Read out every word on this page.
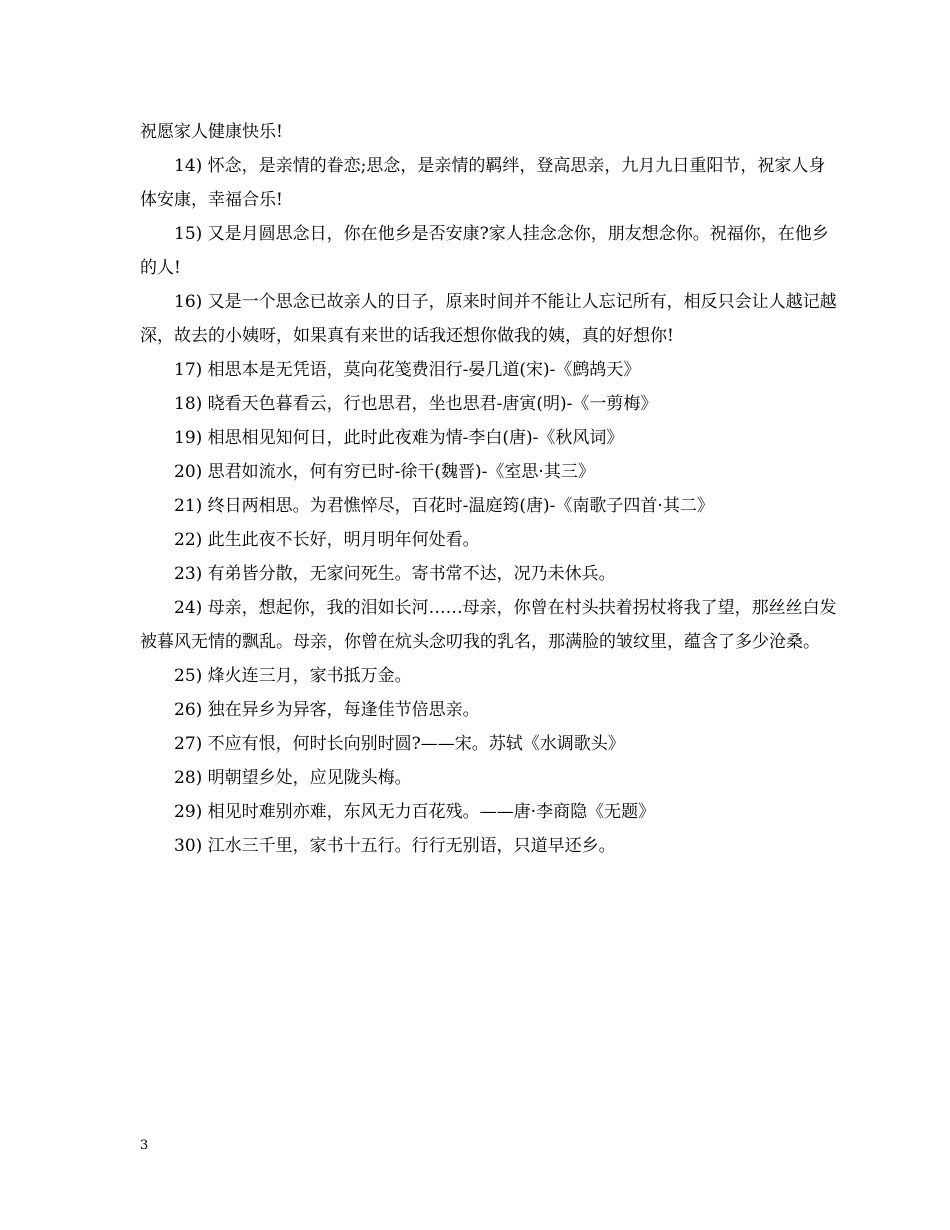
祝愿家人健康快乐!

14) 怀念，是亲情的眷恋;思念，是亲情的羁绊，登高思亲，九月九日重阳节，祝家人身体安康，幸福合乐!

15) 又是月圆思念日，你在他乡是否安康?家人挂念念你，朋友想念你。祝福你，在他乡的人!

16) 又是一个思念已故亲人的日子，原来时间并不能让人忘记所有，相反只会让人越记越深，故去的小姨呀，如果真有来世的话我还想你做我的姨，真的好想你!

17) 相思本是无凭语，莫向花笺费泪行-晏几道(宋)-《鹧鸪天》

18) 晓看天色暮看云，行也思君，坐也思君-唐寅(明)-《一剪梅》

19) 相思相见知何日，此时此夜难为情-李白(唐)-《秋风词》

20) 思君如流水，何有穷已时-徐干(魏晋)-《室思·其三》

21) 终日两相思。为君憔悴尽，百花时-温庭筠(唐)-《南歌子四首·其二》

22) 此生此夜不长好，明月明年何处看。

23) 有弟皆分散，无家问死生。寄书常不达，况乃未休兵。

24) 母亲，想起你，我的泪如长河……母亲，你曾在村头扶着拐杖将我了望，那丝丝白发被暮风无情的飘乱。母亲，你曾在炕头念叨我的乳名，那满脸的皱纹里，蕴含了多少沧桑。

25) 烽火连三月，家书抵万金。

26) 独在异乡为异客，每逢佳节倍思亲。

27) 不应有恨，何时长向别时圆?——宋。苏轼《水调歌头》

28) 明朝望乡处，应见陇头梅。

29) 相见时难别亦难，东风无力百花残。——唐·李商隐《无题》

30) 江水三千里，家书十五行。行行无别语，只道早还乡。

3
